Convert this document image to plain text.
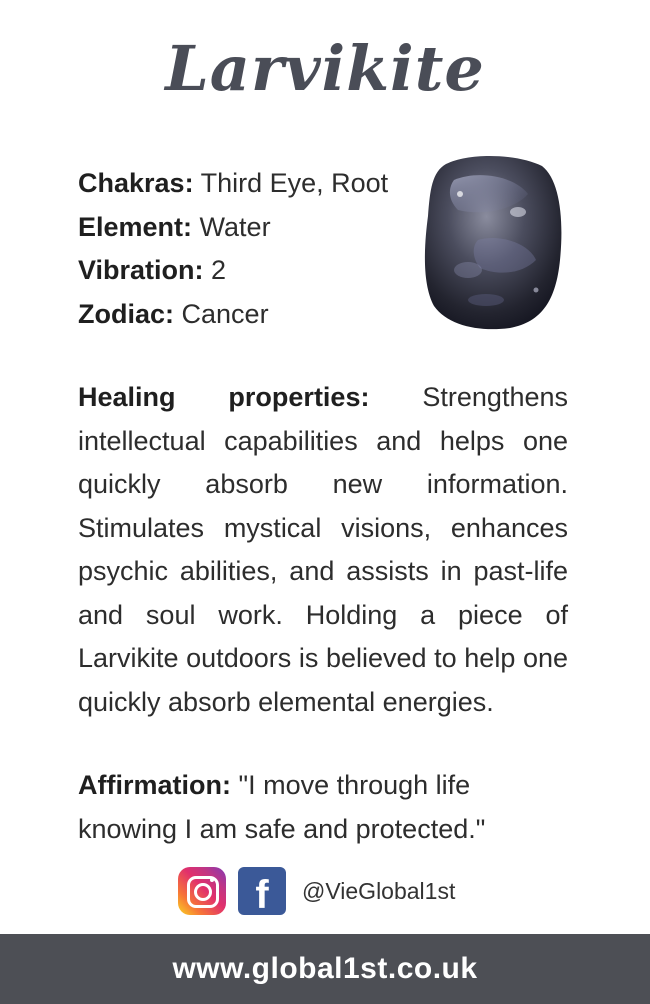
Larvikite
Chakras: Third Eye, Root
Element: Water
Vibration: 2
Zodiac: Cancer
Healing properties: Strengthens intellectual capabilities and helps one quickly absorb new information. Stimulates mystical visions, enhances psychic abilities, and assists in past-life and soul work. Holding a piece of Larvikite outdoors is believed to help one quickly absorb elemental energies.
Affirmation: "I move through life
knowing I am safe and protected."
f @VieGlobal1st
www.global1st.co.uk
